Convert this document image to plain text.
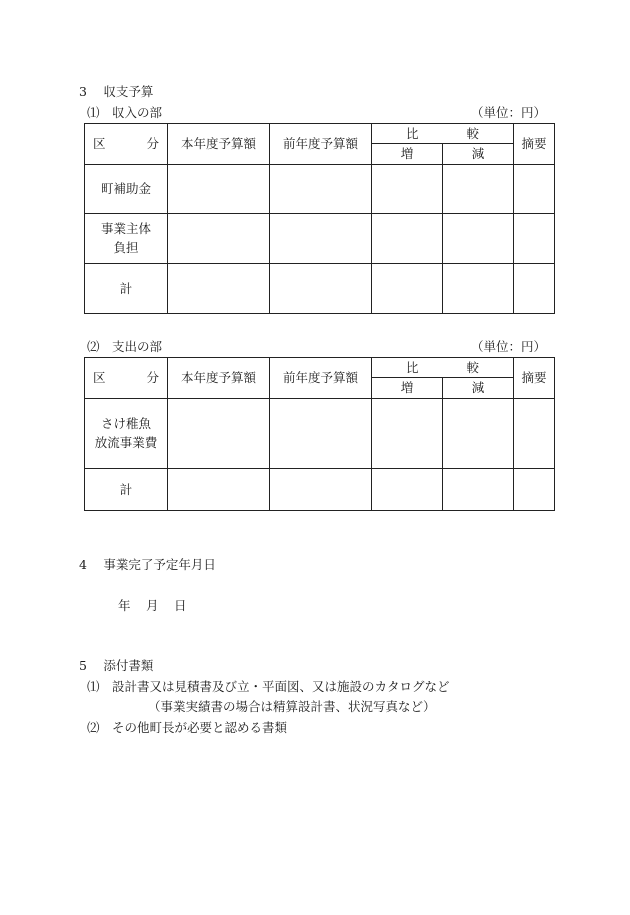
3　 収支予算
⑴　収入の部	（単位：円）
区 分	本年度予算額	前年度予算額	比 較		摘要
			増	減	

町補助金					

事業主体
負担					

計					

⑵　支出の部	（単位：円）
区 分	本年度予算額	前年度予算額	比 較		摘要
			増	減	

さけ稚魚
放流事業費					

計					

4　 事業完了予定年月日
年 月 日
5　 添付書類
⑴　設計書又は見積書及び立・平面図、又は施設のカタログなど
（事業実績書の場合は精算設計書、状況写真など）
⑵　その他町長が必要と認める書類
